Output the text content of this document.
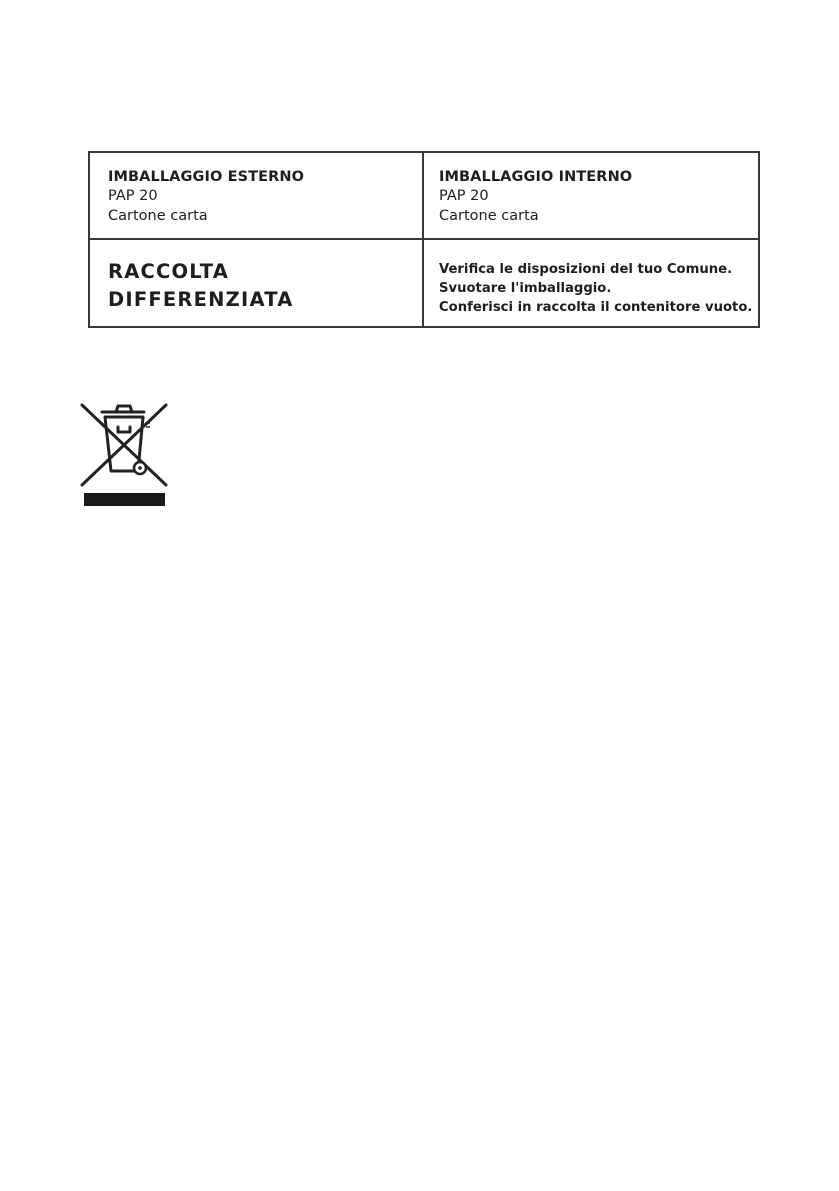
IMBALLAGGIO ESTERNO
PAP 20
Cartone carta
IMBALLAGGIO INTERNO
PAP 20
Cartone carta
RACCOLTA
DIFFERENZIATA
Verifica le disposizioni del tuo Comune.
Svuotare l'imballaggio.
Conferisci in raccolta il contenitore vuoto.
